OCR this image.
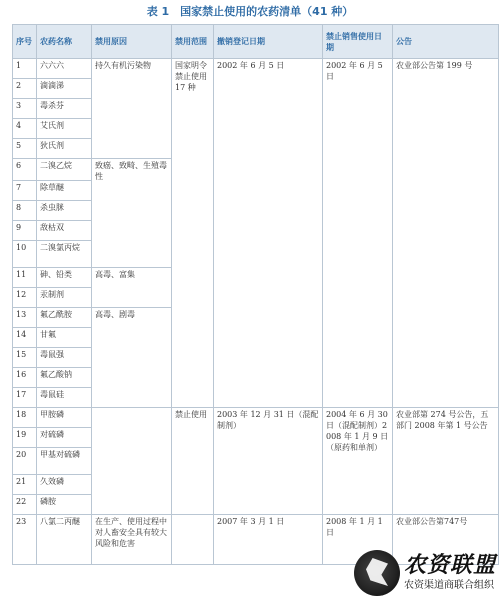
表 1　国家禁止使用的农药清单（41 种）
序号	农药名称	禁用原因	禁用范围	撤销登记日期	禁止销售使用日期	公告
1	六六六	持久有机污染物	国家明令禁止使用 17 种	2002 年 6 月 5 日	2002 年 6 月 5 日	农业部公告第 199 号
2	滴滴涕					
3	毒杀芬					
4	艾氏剂					
5	狄氏剂					
6	二溴乙烷	致癌、致畸、生殖毒性				
7	除草醚					
8	杀虫脒					
9	敌枯双					
10	二溴氯丙烷					
11	砷、铅类	高毒、富集				
12	汞制剂					
13	氟乙酰胺	高毒、剧毒				
14	甘氟					
15	毒鼠强					
16	氟乙酸钠					
17	毒鼠硅					
18	甲胺磷		禁止使用	2003 年 12 月 31 日（混配制剂）	2004 年 6 月 30 日（混配制剂）2008 年 1 月 9 日（原药和单剂）	农业部第 274 号公告，五部门 2008 年第 1 号公告
19	对硫磷					
20	甲基对硫磷					
21	久效磷					
22	磷胺					
23	八氯二丙醚	在生产、使用过程中对人畜安全具有较大风险和危害		2007 年 3 月 1 日	2008 年 1 月 1 日	农业部公告第747号
农资联盟
农资渠道商联合组织
